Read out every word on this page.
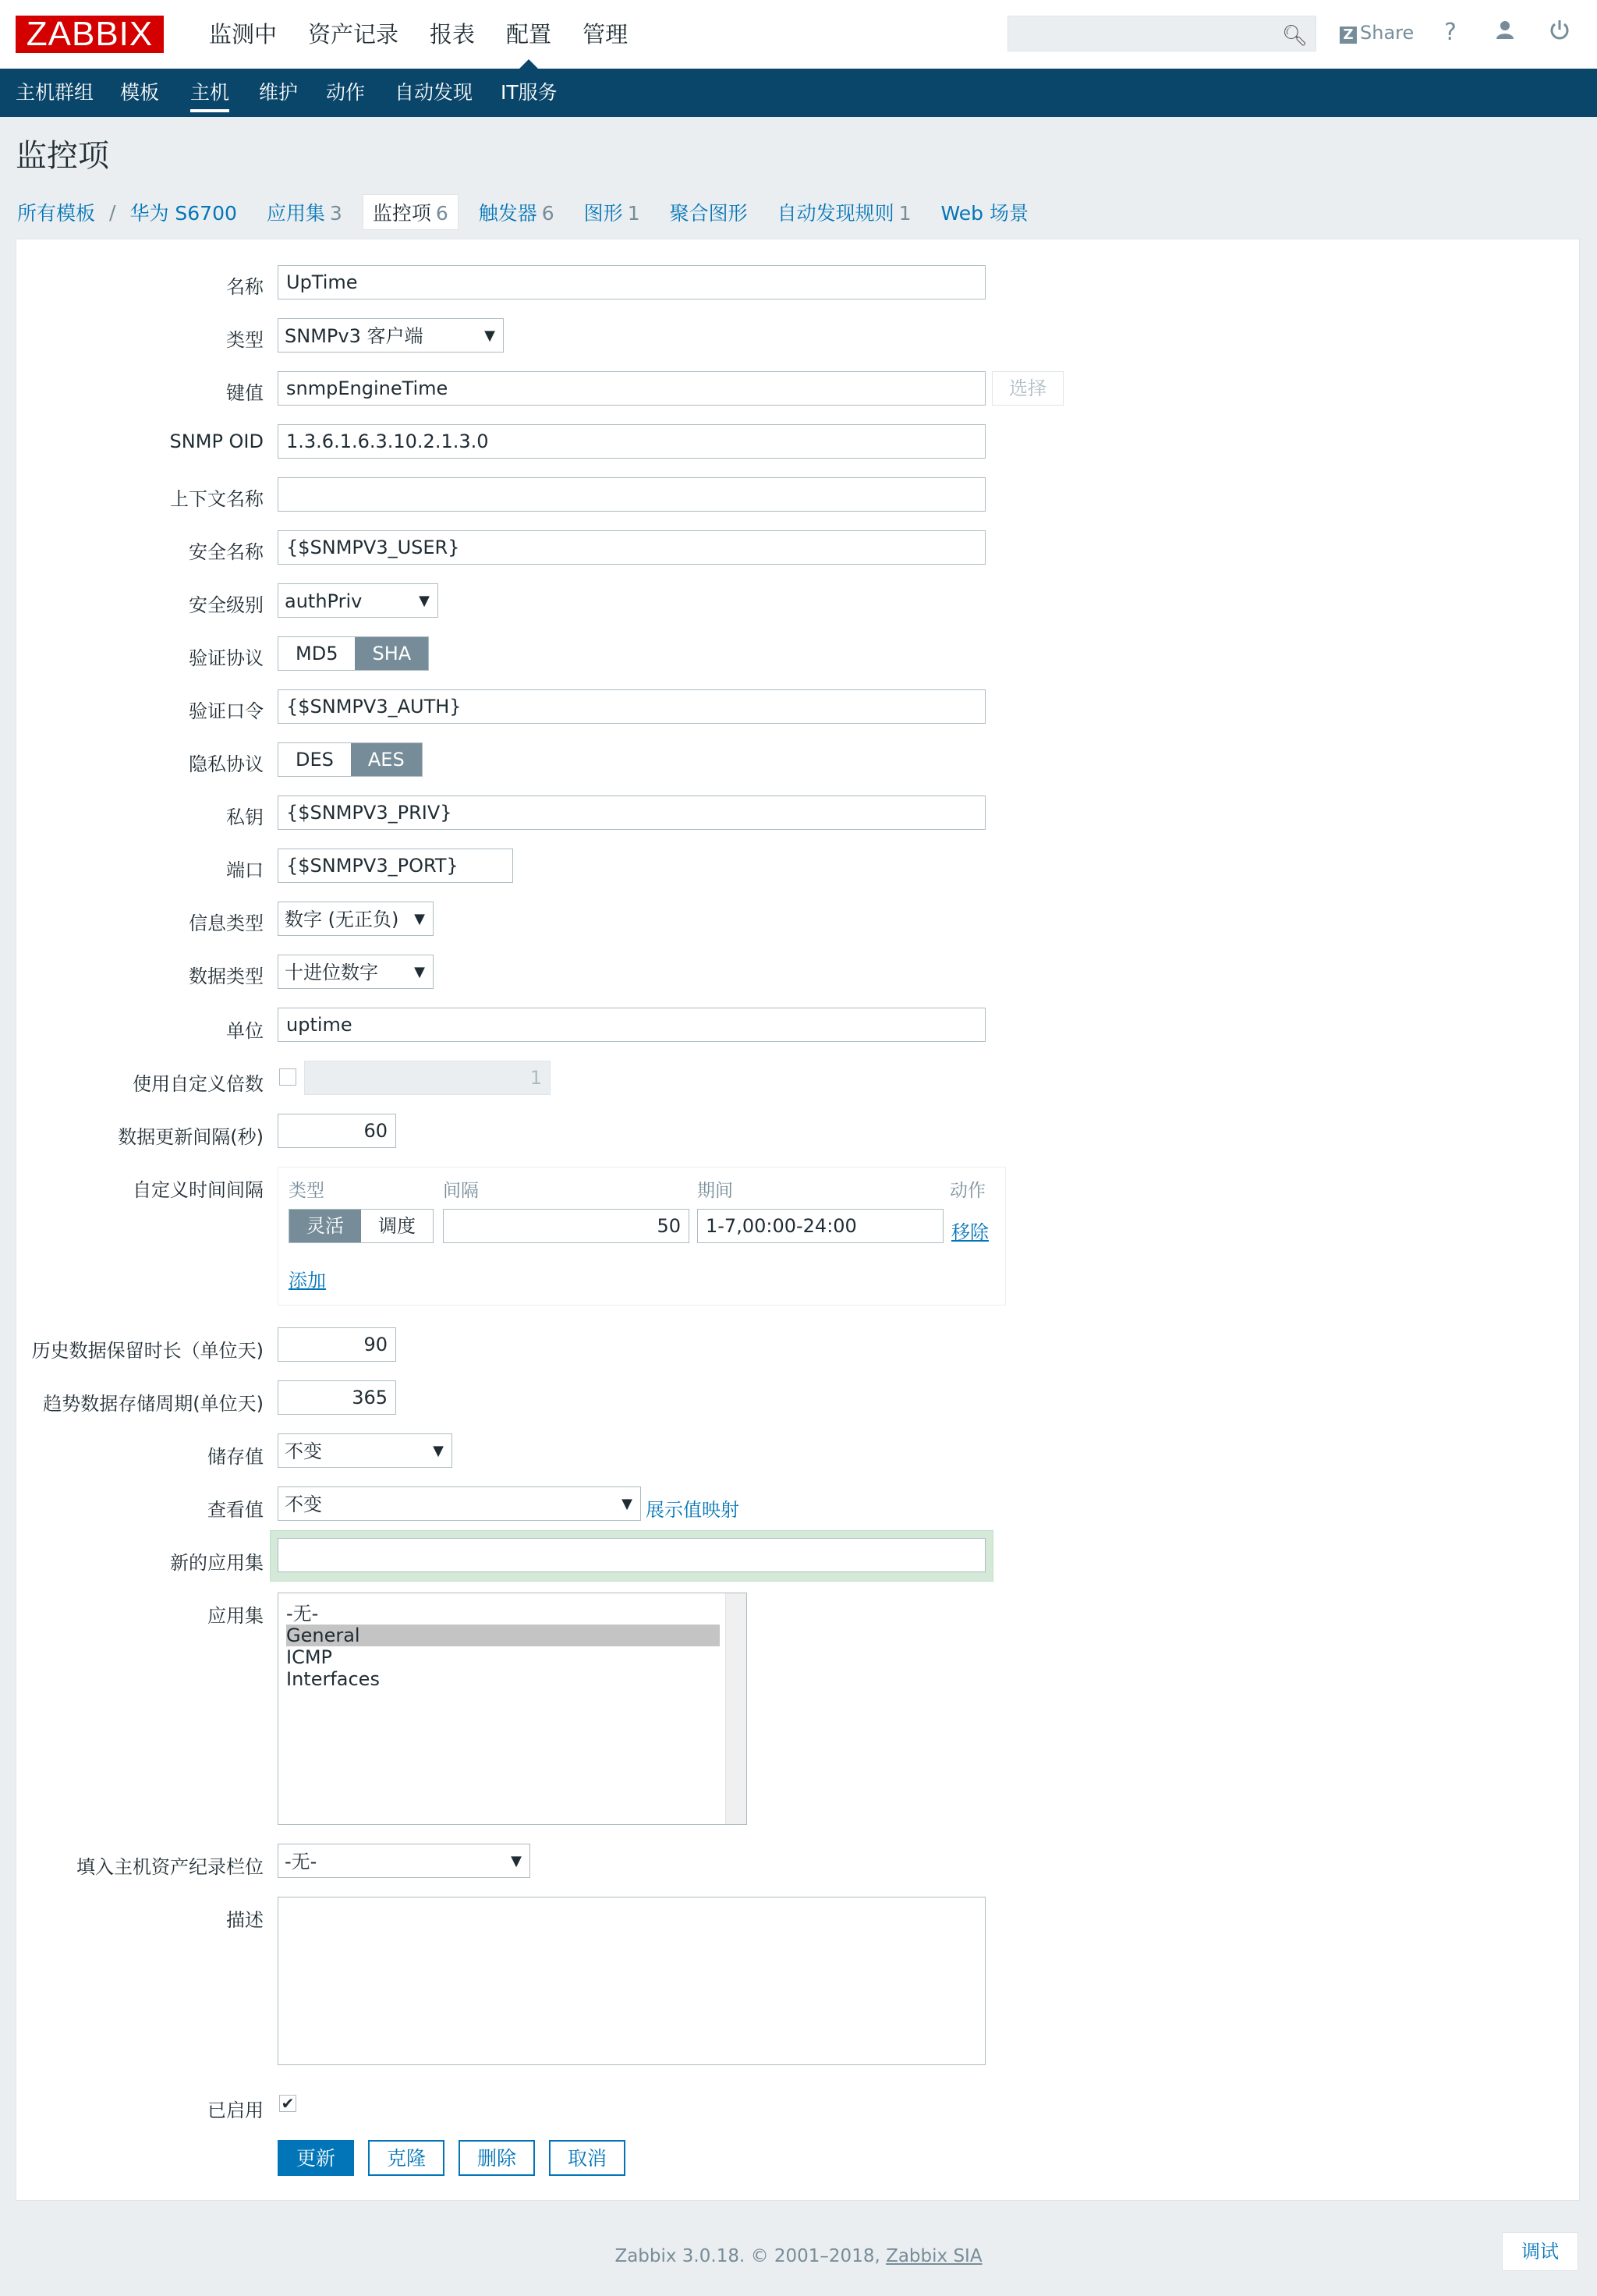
ZABBIX	监测中	资产记录	报表	配置	管理	🔍︎	Z Share ?
主机群组 模板 主机 维护 动作 自动发现 IT服务
监控项
所有模板 / 华为 S6700 应用集 3	监控项 6	触发器 6 图形 1 聚合图形 自动发现规则 1 Web 场景
名称	UpTime
类型	SNMPv3 客户端	▼
键值	snmpEngineTime	选择
SNMP OID	1.3.6.1.6.3.10.2.1.3.0
上下文名称
安全名称	{$SNMPV3_USER}
安全级别	authPriv	▼
验证协议	MD5	SHA
验证口令	{$SNMPV3_AUTH}
隐私协议	DES	AES
私钥	{$SNMPV3_PRIV}
端口	{$SNMPV3_PORT}
信息类型	数字 (无正负) ▼
数据类型	十进位数字	▼
单位	uptime
使用自定义倍数	1
数据更新间隔(秒)	60
自定义时间间隔 类型	间隔	期间	动作
灵活	调度	50	1-7,00:00-24:00	移除
添加
历史数据保留时长（单位天)	90
趋势数据存储周期(单位天)	365
储存值	不变	▼
查看值	不变	▼ 展示值映射
新的应用集
应用集 -无-
General
ICMP
Interfaces
填入主机资产纪录栏位	-无-	▼
描述
已启用 ✔
更新	克隆	删除	取消
Zabbix 3.0.18. © 2001–2018, Zabbix SIA	调试
